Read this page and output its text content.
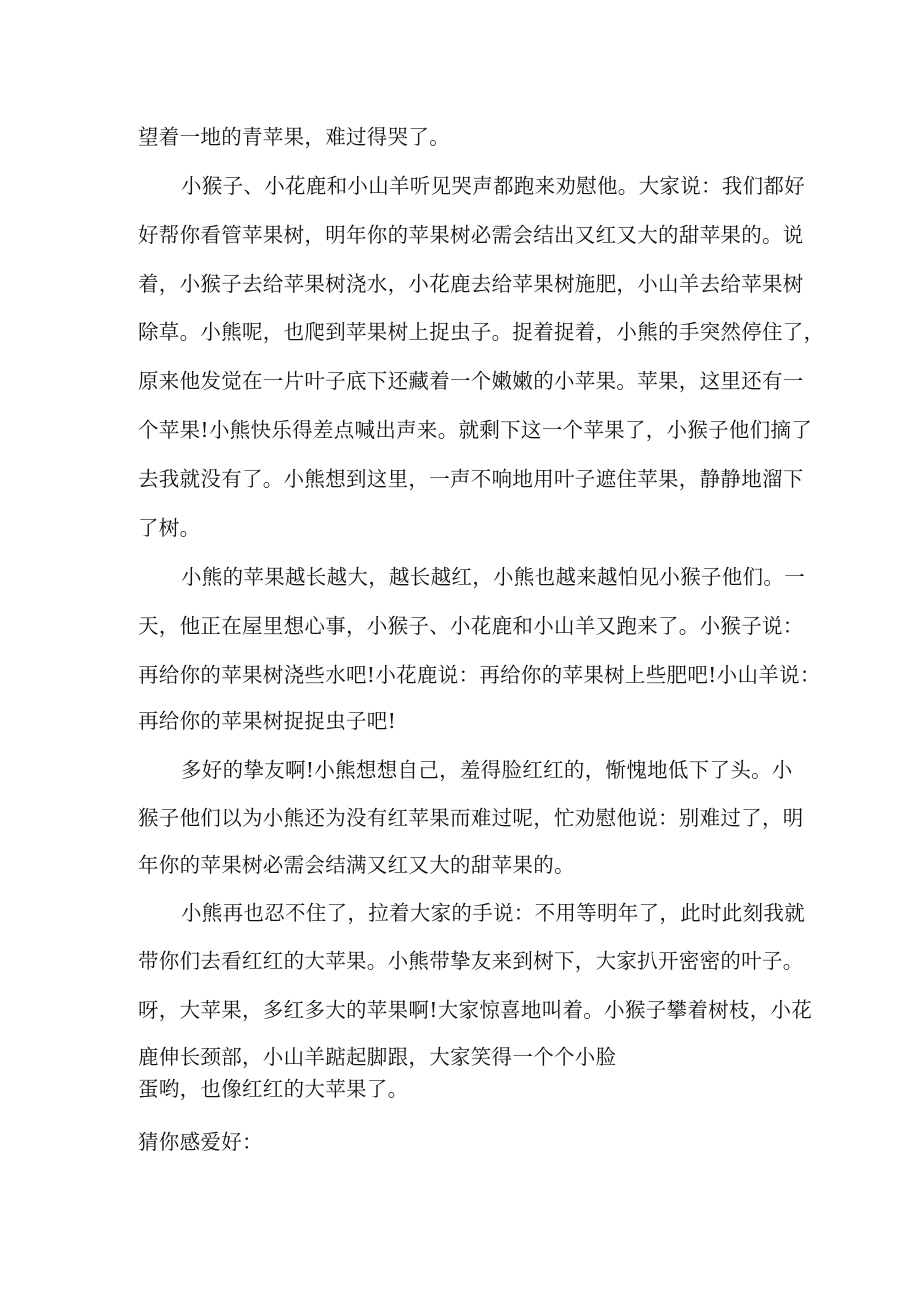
望着一地的青苹果，难过得哭了。

小猴子、小花鹿和小山羊听见哭声都跑来劝慰他。大家说：我们都好

好帮你看管苹果树，明年你的苹果树必需会结出又红又大的甜苹果的。说

着，小猴子去给苹果树浇水，小花鹿去给苹果树施肥，小山羊去给苹果树

除草。小熊呢，也爬到苹果树上捉虫子。捉着捉着，小熊的手突然停住了，

原来他发觉在一片叶子底下还藏着一个嫩嫩的小苹果。苹果，这里还有一

个苹果!小熊快乐得差点喊出声来。就剩下这一个苹果了，小猴子他们摘了

去我就没有了。小熊想到这里，一声不响地用叶子遮住苹果，静静地溜下

了树。

小熊的苹果越长越大，越长越红，小熊也越来越怕见小猴子他们。一

天，他正在屋里想心事，小猴子、小花鹿和小山羊又跑来了。小猴子说：

再给你的苹果树浇些水吧!小花鹿说：再给你的苹果树上些肥吧!小山羊说：

再给你的苹果树捉捉虫子吧!

多好的挚友啊!小熊想想自己，羞得脸红红的，惭愧地低下了头。小

猴子他们以为小熊还为没有红苹果而难过呢，忙劝慰他说：别难过了，明

年你的苹果树必需会结满又红又大的甜苹果的。

小熊再也忍不住了，拉着大家的手说：不用等明年了，此时此刻我就

带你们去看红红的大苹果。小熊带挚友来到树下，大家扒开密密的叶子。

呀，大苹果，多红多大的苹果啊!大家惊喜地叫着。小猴子攀着树枝，小花

鹿伸长颈部，小山羊踮起脚跟，大家笑得一个个小脸

蛋哟，也像红红的大苹果了。

猜你感爱好：
